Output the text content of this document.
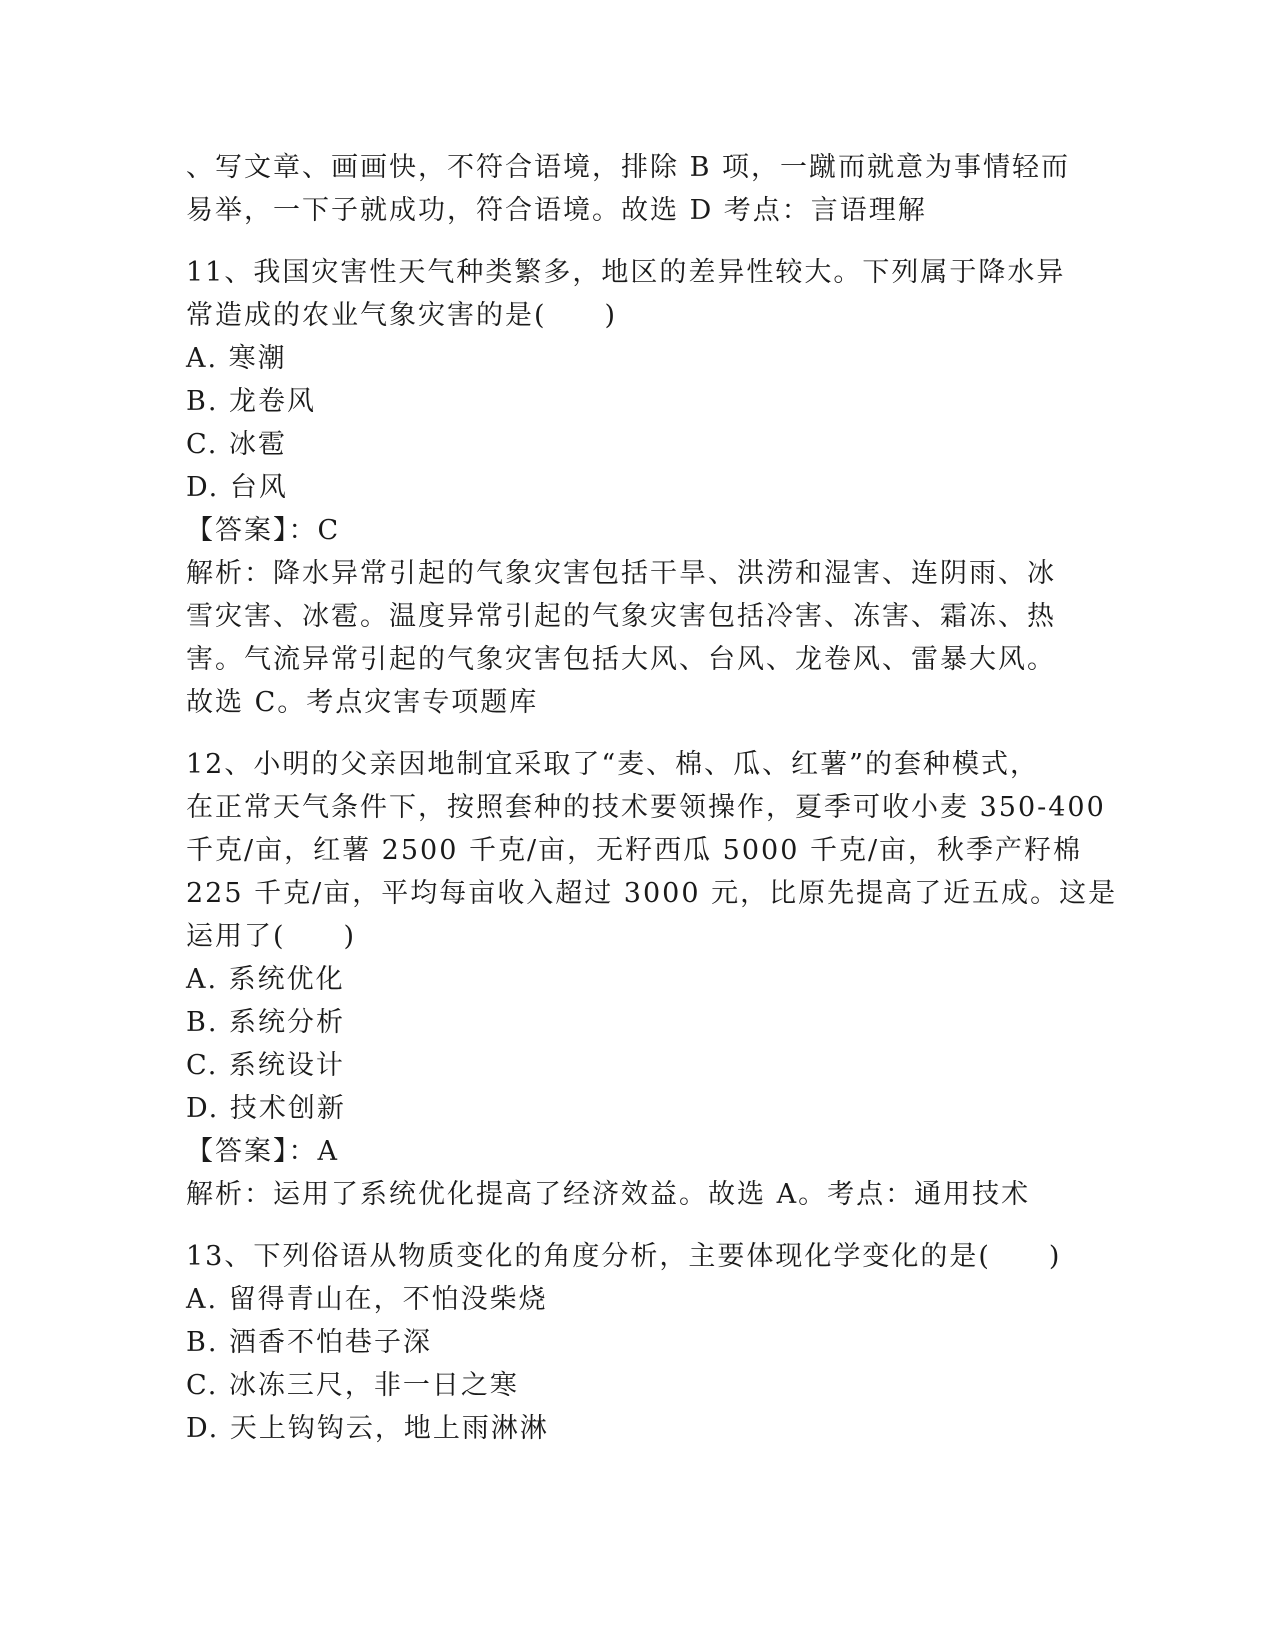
、写文章、画画快，不符合语境，排除 B 项，一蹴而就意为事情轻而
易举，一下子就成功，符合语境。故选 D 考点：言语理解
11、我国灾害性天气种类繁多，地区的差异性较大。下列属于降水异
常造成的农业气象灾害的是(　　)
A. 寒潮
B. 龙卷风
C. 冰雹
D. 台风
【答案】：C
解析：降水异常引起的气象灾害包括干旱、洪涝和湿害、连阴雨、冰
雪灾害、冰雹。温度异常引起的气象灾害包括冷害、冻害、霜冻、热
害。气流异常引起的气象灾害包括大风、台风、龙卷风、雷暴大风。
故选 C。考点灾害专项题库
12、小明的父亲因地制宜采取了“麦、棉、瓜、红薯”的套种模式，
在正常天气条件下，按照套种的技术要领操作，夏季可收小麦 350-400
千克/亩，红薯 2500 千克/亩，无籽西瓜 5000 千克/亩，秋季产籽棉
225 千克/亩，平均每亩收入超过 3000 元，比原先提高了近五成。这是
运用了(　　)
A. 系统优化
B. 系统分析
C. 系统设计
D. 技术创新
【答案】：A
解析：运用了系统优化提高了经济效益。故选 A。考点：通用技术
13、下列俗语从物质变化的角度分析，主要体现化学变化的是(　　)
A. 留得青山在，不怕没柴烧
B. 酒香不怕巷子深
C. 冰冻三尺，非一日之寒
D. 天上钩钩云，地上雨淋淋
